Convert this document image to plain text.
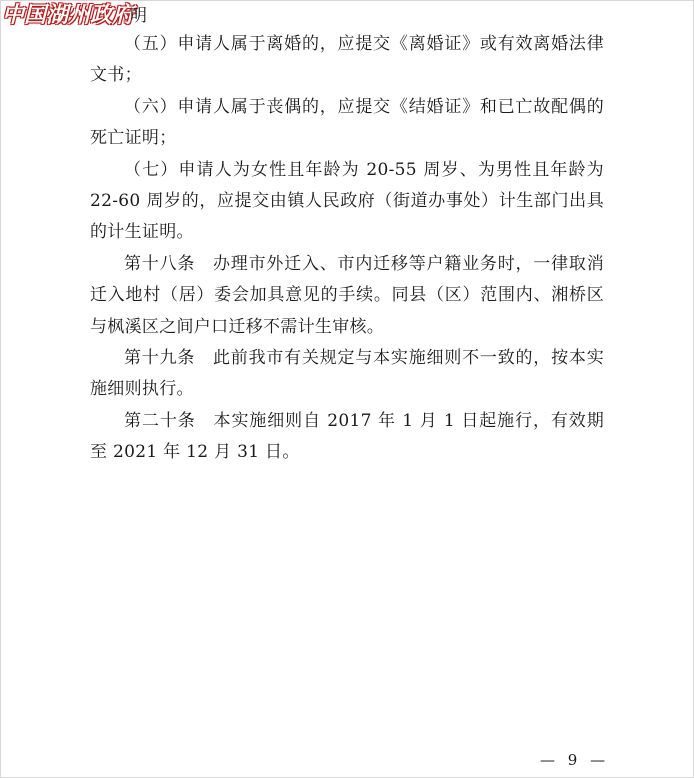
中国湖州政府
明

（五）申请人属于离婚的，应提交《离婚证》或有效离婚法律文书；

（六）申请人属于丧偶的，应提交《结婚证》和已亡故配偶的死亡证明；

（七）申请人为女性且年龄为 20-55 周岁、为男性且年龄为 22-60 周岁的，应提交由镇人民政府（街道办事处）计生部门出具的计生证明。

第十八条　办理市外迁入、市内迁移等户籍业务时，一律取消迁入地村（居）委会加具意见的手续。同县（区）范围内、湘桥区与枫溪区之间户口迁移不需计生审核。

第十九条　此前我市有关规定与本实施细则不一致的，按本实施细则执行。

第二十条　本实施细则自 2017 年 1 月 1 日起施行，有效期至 2021 年 12 月 31 日。

— 9 —
